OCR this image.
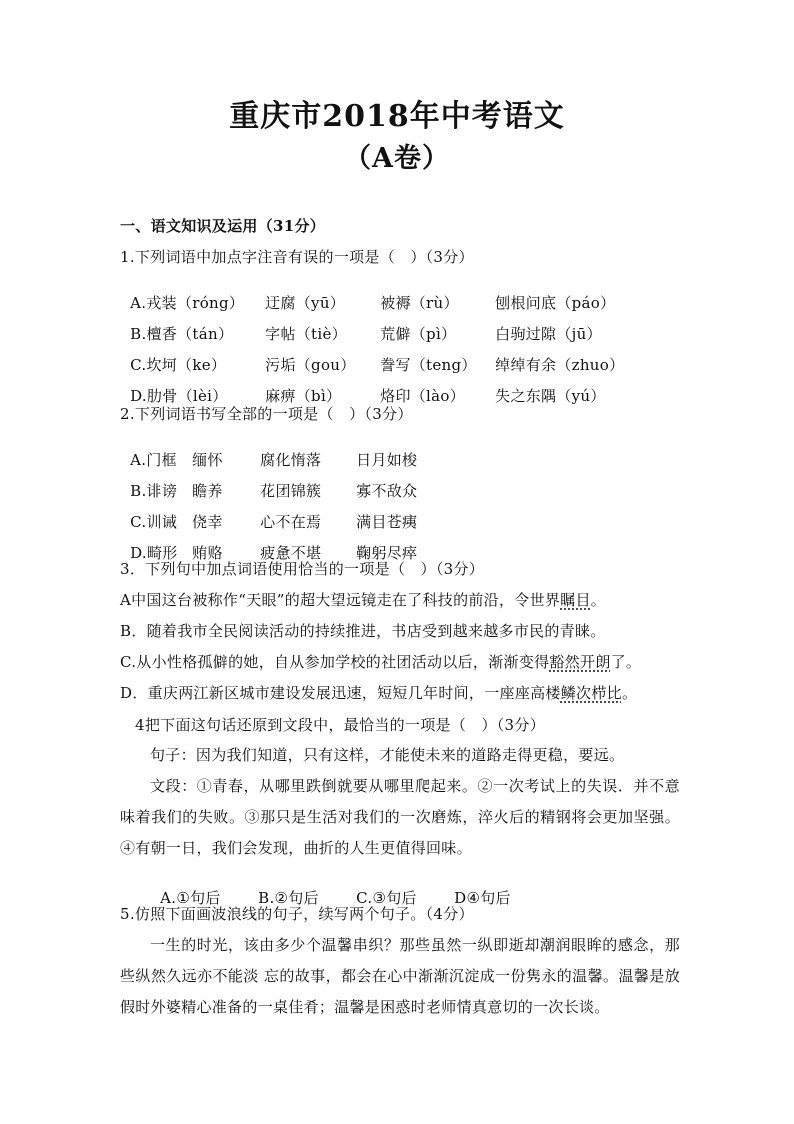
重庆市2018年中考语文
（A卷）
一、语文知识及运用（31分）
1.下列词语中加点字注音有误的一项是（　）（3分）

A.戎装（róng） 迂腐（yū） 被褥（rù） 刨根问底（páo）

B.檀香（tán） 字帖（tiè） 荒僻（pì）	白驹过隙（jū）

C.坎坷（ke）	污垢（gou） 誊写（teng） 绰绰有余（zhuo）

D.肋骨（lèi）	麻痹（bì）	烙印（lào） 失之东隅（yú）

2.下列词语书写全部的一项是（　）（3分）

A.门框 缅怀 腐化惰落 日月如梭

B.诽谤 瞻养 花团锦簇 寡不敌众

C.训诫 侥幸 心不在焉 满目苍痍

D.畸形 贿赂 疲惫不堪 鞠躬尽瘁

3．下列句中加点词语使用恰当的一项是（　）（3分）
A中国这台被称作“天眼”的超大望远镜走在了科技的前沿，令世界瞩目。
B．随着我市全民阅读活动的持续推进，书店受到越来越多市民的青睐。
C.从小性格孤僻的她，自从参加学校的社团活动以后，渐渐变得豁然开朗了。
D．重庆两江新区城市建设发展迅速，短短几年时间，一座座高楼鳞次栉比。
4把下面这句话还原到文段中，最恰当的一项是（　）（3分）
句子：因为我们知道，只有这样，才能使未来的道路走得更稳，要远。
文段：①青春，从哪里跌倒就要从哪里爬起来。②一次考试上的失误．并不意味着我们的失败。③那只是生活对我们的一次磨炼，淬火后的精钢将会更加坚强。④有朝一日，我们会发现，曲折的人生更值得回味。

A.①句后 B.②句后 C.③句后 D④句后

5.仿照下面画波浪线的句子，续写两个句子。（4分）
一生的时光，该由多少个温馨串织？那些虽然一纵即逝却潮润眼眸的感念，那些纵然久远亦不能淡 忘的故事，都会在心中渐渐沉淀成一份隽永的温馨。温馨是放假时外婆精心准备的一桌佳肴；温馨是困惑时老师情真意切的一次长谈。
